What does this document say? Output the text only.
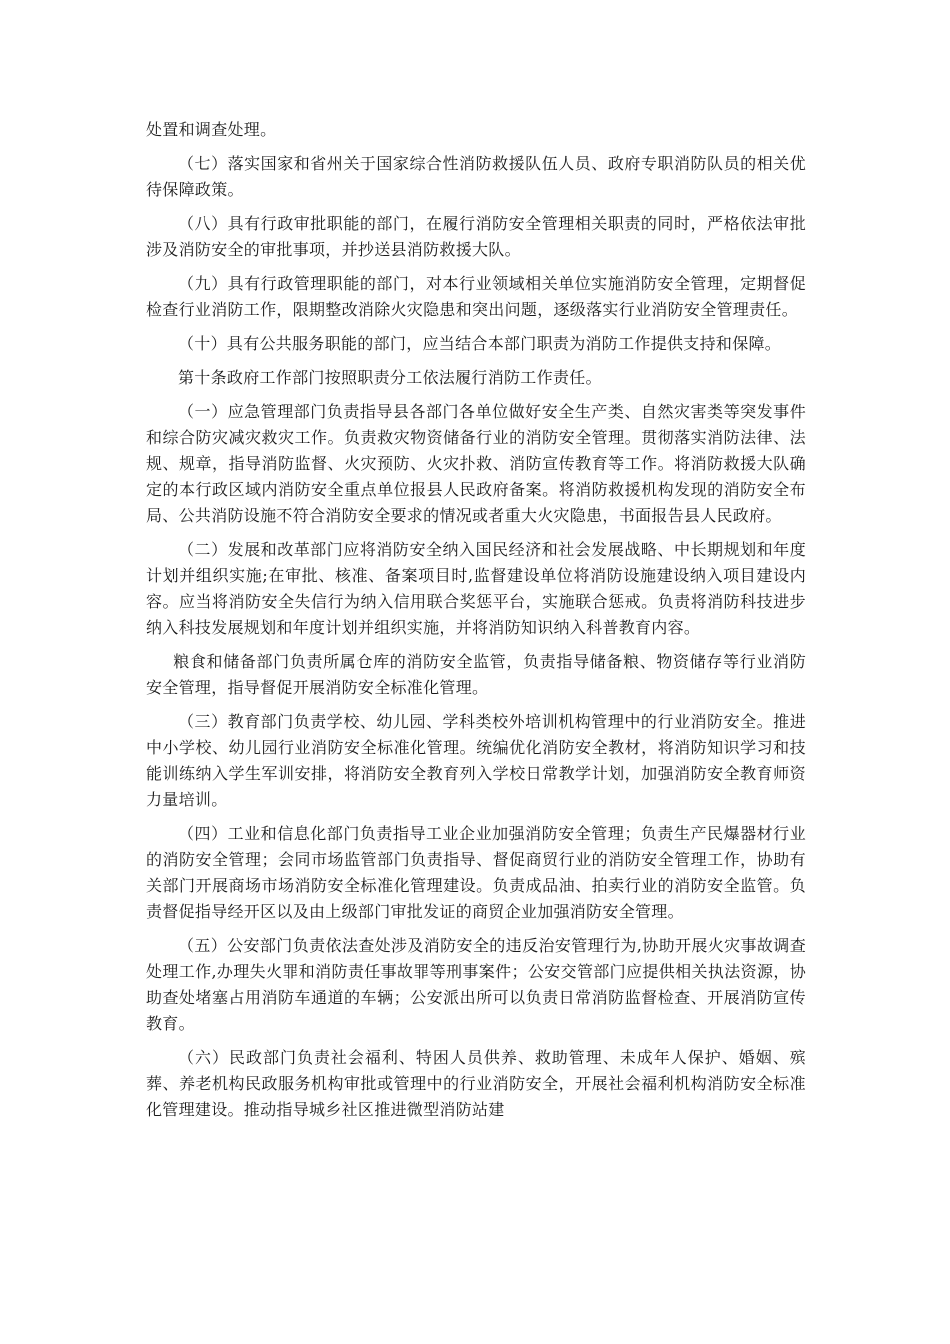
处置和调查处理。

（七）落实国家和省州关于国家综合性消防救援队伍人员、政府专职消防队员的相关优待保障政策。

（八）具有行政审批职能的部门，在履行消防安全管理相关职责的同时，严格依法审批涉及消防安全的审批事项，并抄送县消防救援大队。

（九）具有行政管理职能的部门，对本行业领域相关单位实施消防安全管理，定期督促检查行业消防工作，限期整改消除火灾隐患和突出问题，逐级落实行业消防安全管理责任。

（十）具有公共服务职能的部门，应当结合本部门职责为消防工作提供支持和保障。

第十条政府工作部门按照职责分工依法履行消防工作责任。

（一）应急管理部门负责指导县各部门各单位做好安全生产类、自然灾害类等突发事件和综合防灾减灾救灾工作。负责救灾物资储备行业的消防安全管理。贯彻落实消防法律、法规、规章，指导消防监督、火灾预防、火灾扑救、消防宣传教育等工作。将消防救援大队确定的本行政区域内消防安全重点单位报县人民政府备案。将消防救援机构发现的消防安全布局、公共消防设施不符合消防安全要求的情况或者重大火灾隐患，书面报告县人民政府。

（二）发展和改革部门应将消防安全纳入国民经济和社会发展战略、中长期规划和年度计划并组织实施;在审批、核准、备案项目时,监督建设单位将消防设施建设纳入项目建设内容。应当将消防安全失信行为纳入信用联合奖惩平台，实施联合惩戒。负责将消防科技进步纳入科技发展规划和年度计划并组织实施，并将消防知识纳入科普教育内容。

粮食和储备部门负责所属仓库的消防安全监管，负责指导储备粮、物资储存等行业消防安全管理，指导督促开展消防安全标准化管理。

（三）教育部门负责学校、幼儿园、学科类校外培训机构管理中的行业消防安全。推进中小学校、幼儿园行业消防安全标准化管理。统编优化消防安全教材，将消防知识学习和技能训练纳入学生军训安排，将消防安全教育列入学校日常教学计划，加强消防安全教育师资力量培训。

（四）工业和信息化部门负责指导工业企业加强消防安全管理；负责生产民爆器材行业的消防安全管理；会同市场监管部门负责指导、督促商贸行业的消防安全管理工作，协助有关部门开展商场市场消防安全标准化管理建设。负责成品油、拍卖行业的消防安全监管。负责督促指导经开区以及由上级部门审批发证的商贸企业加强消防安全管理。

（五）公安部门负责依法查处涉及消防安全的违反治安管理行为,协助开展火灾事故调查处理工作,办理失火罪和消防责任事故罪等刑事案件；公安交管部门应提供相关执法资源，协助查处堵塞占用消防车通道的车辆；公安派出所可以负责日常消防监督检查、开展消防宣传教育。

（六）民政部门负责社会福利、特困人员供养、救助管理、未成年人保护、婚姻、殡葬、养老机构民政服务机构审批或管理中的行业消防安全，开展社会福利机构消防安全标准化管理建设。推动指导城乡社区推进微型消防站建
